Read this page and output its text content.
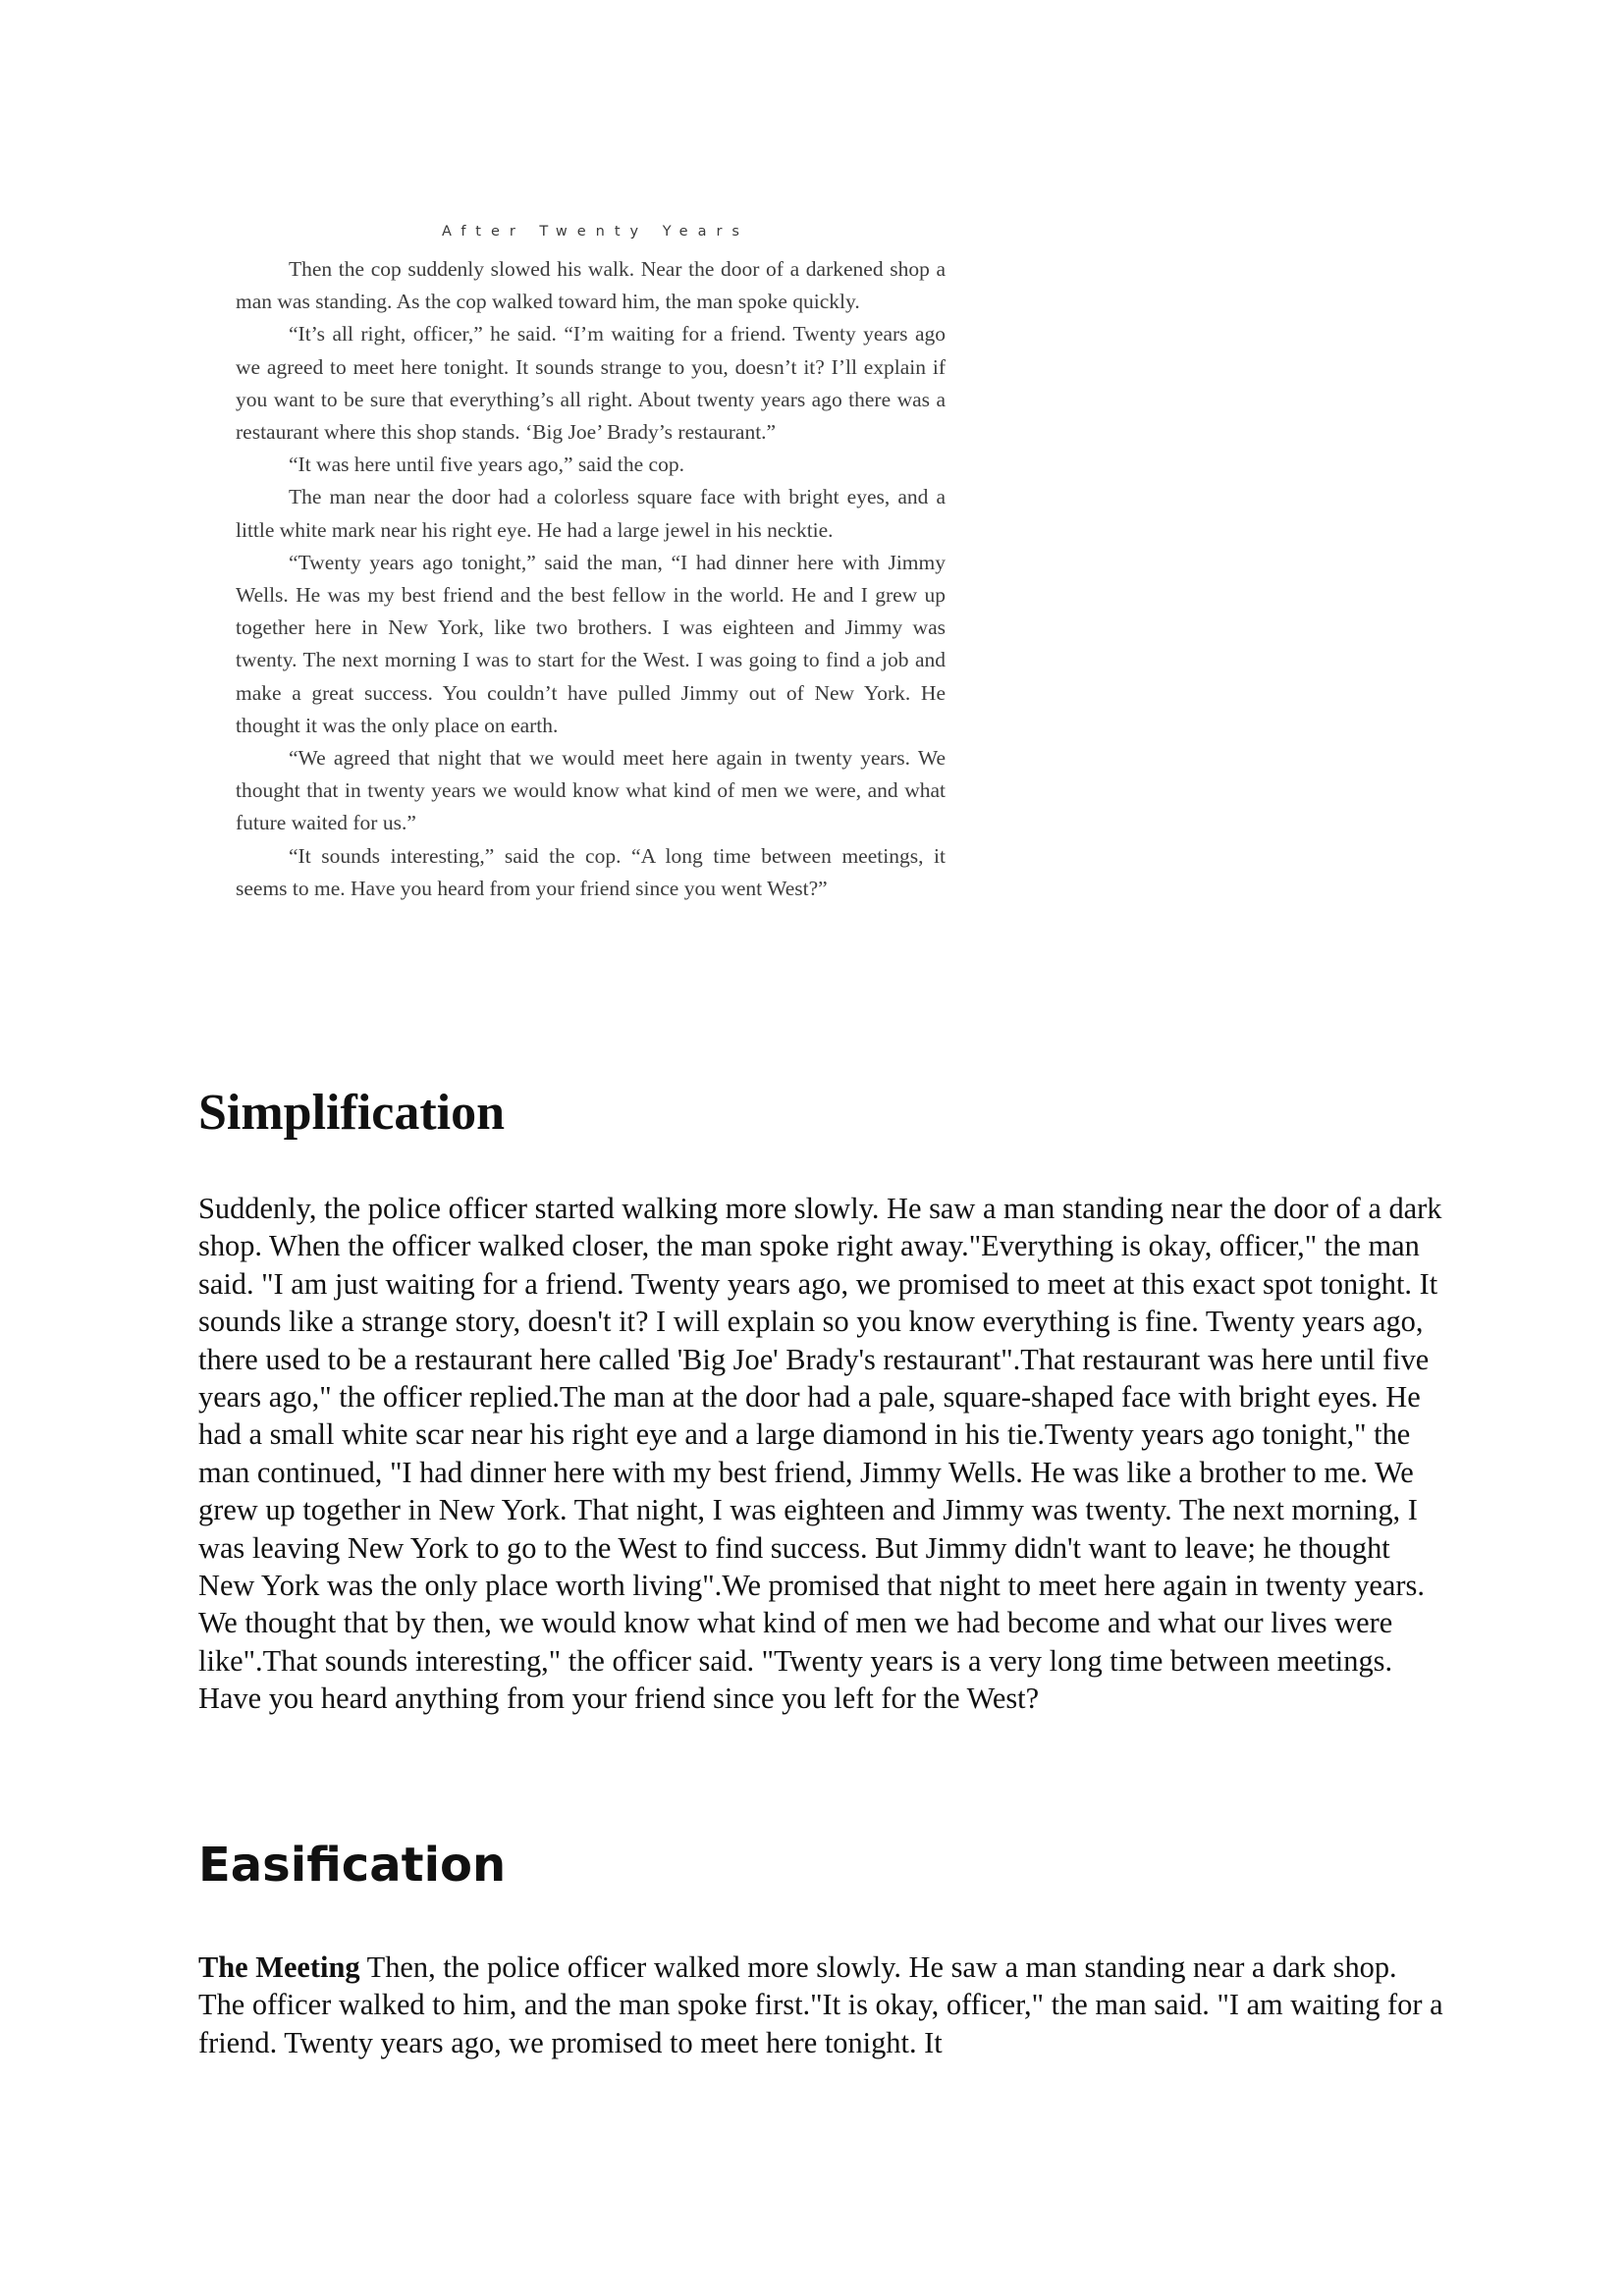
After Twenty Years

Then the cop suddenly slowed his walk. Near the door of a darkened shop a man was standing. As the cop walked toward him, the man spoke quickly.

“It’s all right, officer,” he said. “I’m waiting for a friend. Twenty years ago we agreed to meet here tonight. It sounds strange to you, doesn’t it? I’ll explain if you want to be sure that everything’s all right. About twenty years ago there was a restaurant where this shop stands. ‘Big Joe’ Brady’s restaurant.”

“It was here until five years ago,” said the cop.

The man near the door had a colorless square face with bright eyes, and a little white mark near his right eye. He had a large jewel in his necktie.

“Twenty years ago tonight,” said the man, “I had dinner here with Jimmy Wells. He was my best friend and the best fellow in the world. He and I grew up together here in New York, like two brothers. I was eighteen and Jimmy was twenty. The next morning I was to start for the West. I was going to find a job and make a great success. You couldn’t have pulled Jimmy out of New York. He thought it was the only place on earth.

“We agreed that night that we would meet here again in twenty years. We thought that in twenty years we would know what kind of men we were, and what future waited for us.”

“It sounds interesting,” said the cop. “A long time between meetings, it seems to me. Have you heard from your friend since you went West?”

Simplification

Suddenly, the police officer started walking more slowly. He saw a man standing near the door of a dark shop. When the officer walked closer, the man spoke right away."Everything is okay, officer," the man said. "I am just waiting for a friend. Twenty years ago, we promised to meet at this exact spot tonight. It sounds like a strange story, doesn't it? I will explain so you know everything is fine. Twenty years ago, there used to be a restaurant here called 'Big Joe' Brady's restaurant".That restaurant was here until five years ago," the officer replied.The man at the door had a pale, square-shaped face with bright eyes. He had a small white scar near his right eye and a large diamond in his tie.Twenty years ago tonight," the man continued, "I had dinner here with my best friend, Jimmy Wells. He was like a brother to me. We grew up together in New York. That night, I was eighteen and Jimmy was twenty. The next morning, I was leaving New York to go to the West to find success. But Jimmy didn't want to leave; he thought New York was the only place worth living".We promised that night to meet here again in twenty years. We thought that by then, we would know what kind of men we had become and what our lives were like".That sounds interesting," the officer said. "Twenty years is a very long time between meetings. Have you heard anything from your friend since you left for the West?

Easification

The Meeting Then, the police officer walked more slowly. He saw a man standing near a dark shop. The officer walked to him, and the man spoke first."It is okay, officer," the man said. "I am waiting for a friend. Twenty years ago, we promised to meet here tonight. It
